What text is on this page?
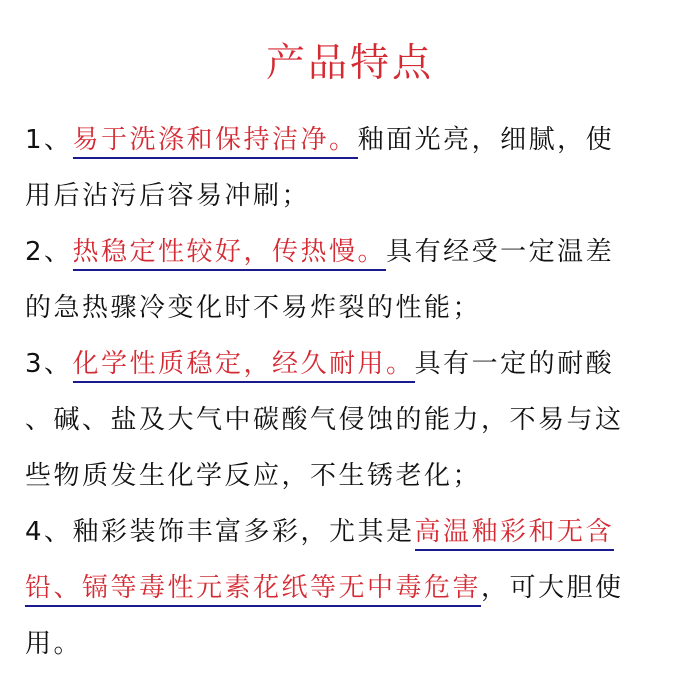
产品特点
1、易于洗涤和保持洁净。釉面光亮，细腻，使
用后沾污后容易冲刷；
2、热稳定性较好，传热慢。具有经受一定温差
的急热骤冷变化时不易炸裂的性能；
3、化学性质稳定，经久耐用。具有一定的耐酸
、碱、盐及大气中碳酸气侵蚀的能力，不易与这
些物质发生化学反应，不生锈老化；
4、釉彩装饰丰富多彩，尤其是高温釉彩和无含
铅、镉等毒性元素花纸等无中毒危害，可大胆使
用。
